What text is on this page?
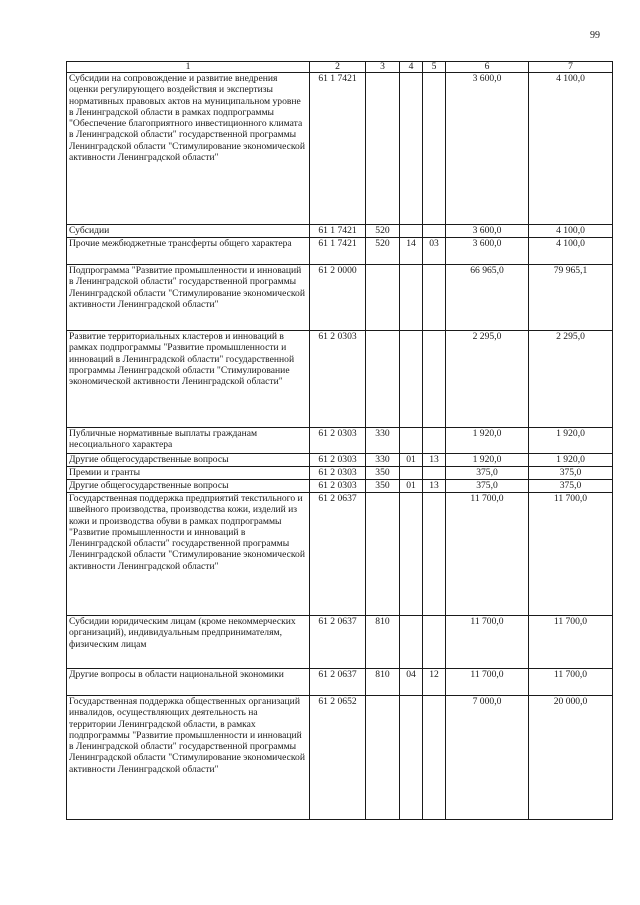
99
1	2	3	4	5	6	7
Субсидии на сопровождение и развитие внедрения оценки регулирующего воздействия и экспертизы нормативных правовых актов на муниципальном уровне в Ленинградской области в рамках подпрограммы "Обеспечение благоприятного инвестиционного климата в Ленинградской области" государственной программы Ленинградской области "Стимулирование экономической активности Ленинградской области"	61 1 7421				3 600,0	4 100,0
Субсидии	61 1 7421	520			3 600,0	4 100,0
Прочие межбюджетные трансферты общего характера	61 1 7421	520	14	03	3 600,0	4 100,0
Подпрограмма "Развитие промышленности и инноваций в Ленинградской области" государственной программы Ленинградской области "Стимулирование экономической активности Ленинградской области"	61 2 0000				66 965,0	79 965,1
Развитие территориальных кластеров и инноваций в рамках подпрограммы "Развитие промышленности и инноваций в Ленинградской области" государственной программы Ленинградской области "Стимулирование экономической активности Ленинградской области"	61 2 0303				2 295,0	2 295,0
Публичные нормативные выплаты гражданам несоциального характера	61 2 0303	330			1 920,0	1 920,0
Другие общегосударственные вопросы	61 2 0303	330	01	13	1 920,0	1 920,0
Премии и гранты	61 2 0303	350			375,0	375,0
Другие общегосударственные вопросы	61 2 0303	350	01	13	375,0	375,0
Государственная поддержка предприятий текстильного и швейного производства, производства кожи, изделий из кожи и производства обуви в рамках подпрограммы "Развитие промышленности и инноваций в Ленинградской области" государственной программы Ленинградской области "Стимулирование экономической активности Ленинградской области"	61 2 0637				11 700,0	11 700,0
Субсидии юридическим лицам (кроме некоммерческих организаций), индивидуальным предпринимателям, физическим лицам	61 2 0637	810			11 700,0	11 700,0
Другие вопросы в области национальной экономики	61 2 0637	810	04	12	11 700,0	11 700,0
Государственная поддержка общественных организаций инвалидов, осуществляющих деятельность на территории Ленинградской области, в рамках подпрограммы "Развитие промышленности и инноваций в Ленинградской области" государственной программы Ленинградской области "Стимулирование экономической активности Ленинградской области"	61 2 0652				7 000,0	20 000,0
